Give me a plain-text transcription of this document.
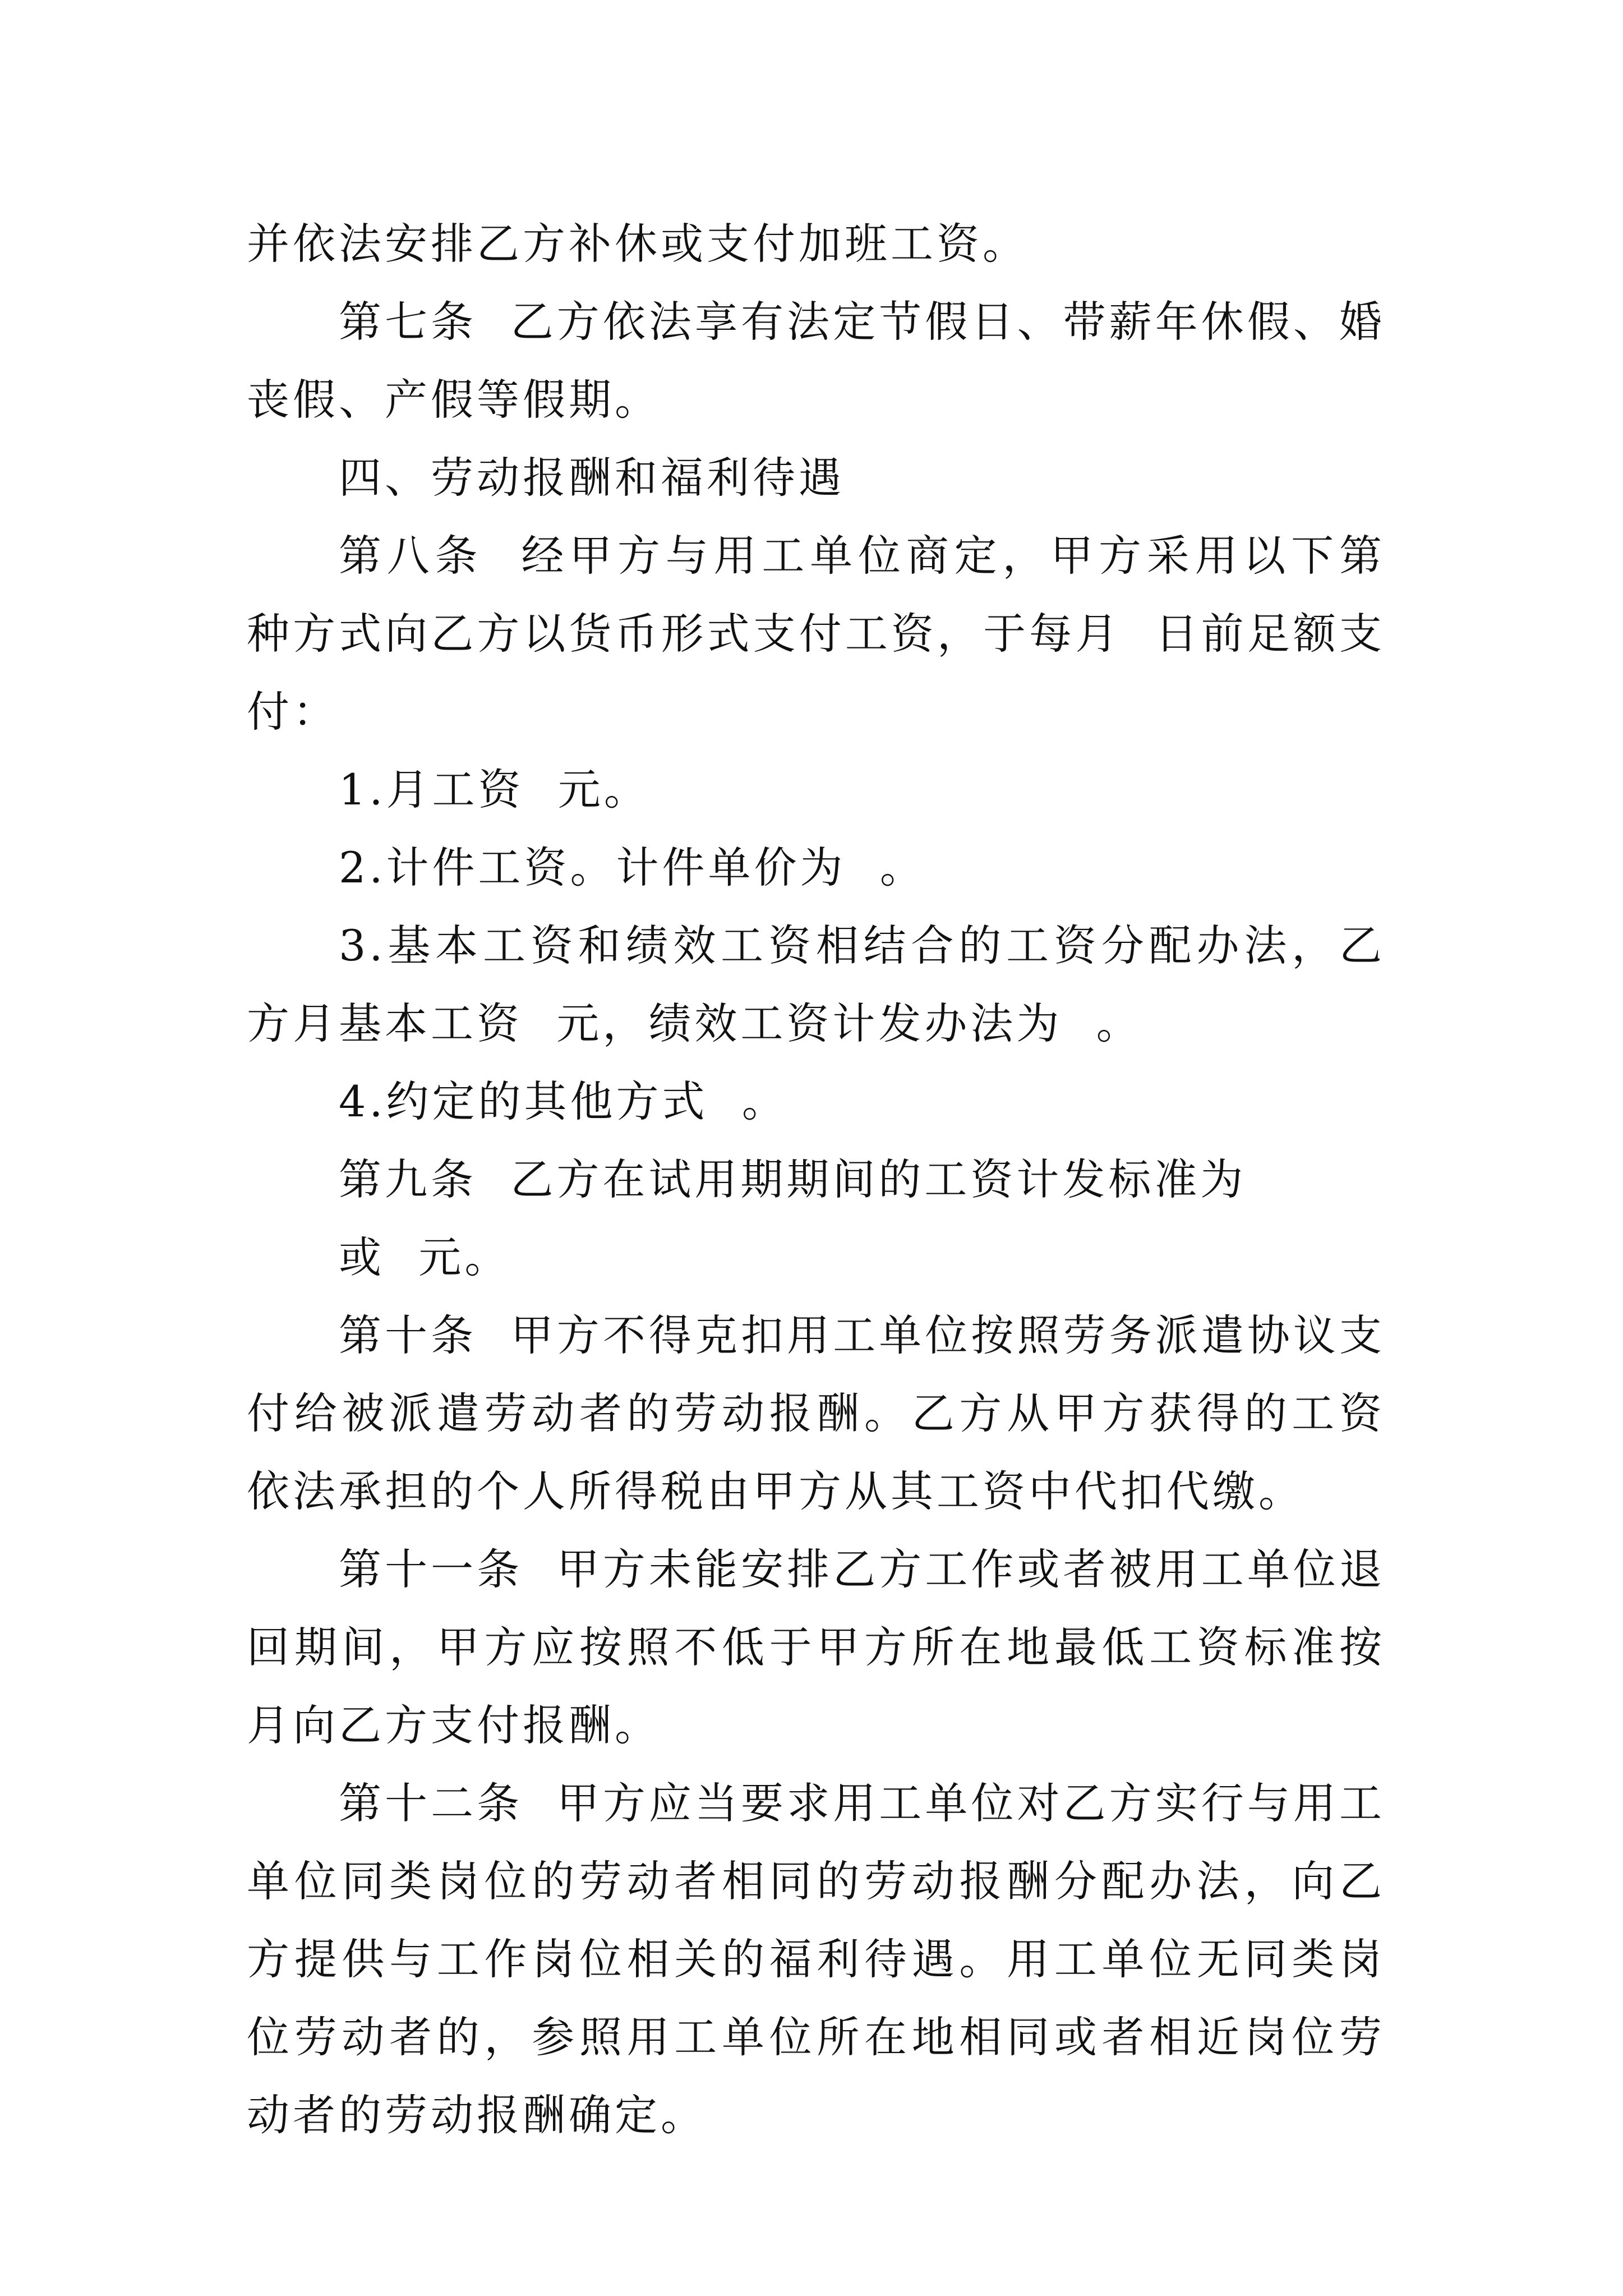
并依法安排乙方补休或支付加班工资。

第七条  乙方依法享有法定节假日、带薪年休假、婚丧假、产假等假期。

四、劳动报酬和福利待遇

第八条  经甲方与用工单位商定，甲方采用以下第  种方式向乙方以货币形式支付工资，于每月  日前足额支付：

1.月工资  元。

2.计件工资。计件单价为  。

3.基本工资和绩效工资相结合的工资分配办法，乙方月基本工资  元，绩效工资计发办法为  。

4.约定的其他方式  。

第九条  乙方在试用期期间的工资计发标准为

或  元。

第十条  甲方不得克扣用工单位按照劳务派遣协议支付给被派遣劳动者的劳动报酬。乙方从甲方获得的工资依法承担的个人所得税由甲方从其工资中代扣代缴。

第十一条  甲方未能安排乙方工作或者被用工单位退回期间，甲方应按照不低于甲方所在地最低工资标准按月向乙方支付报酬。

第十二条  甲方应当要求用工单位对乙方实行与用工单位同类岗位的劳动者相同的劳动报酬分配办法，向乙方提供与工作岗位相关的福利待遇。用工单位无同类岗位劳动者的，参照用工单位所在地相同或者相近岗位劳动者的劳动报酬确定。
